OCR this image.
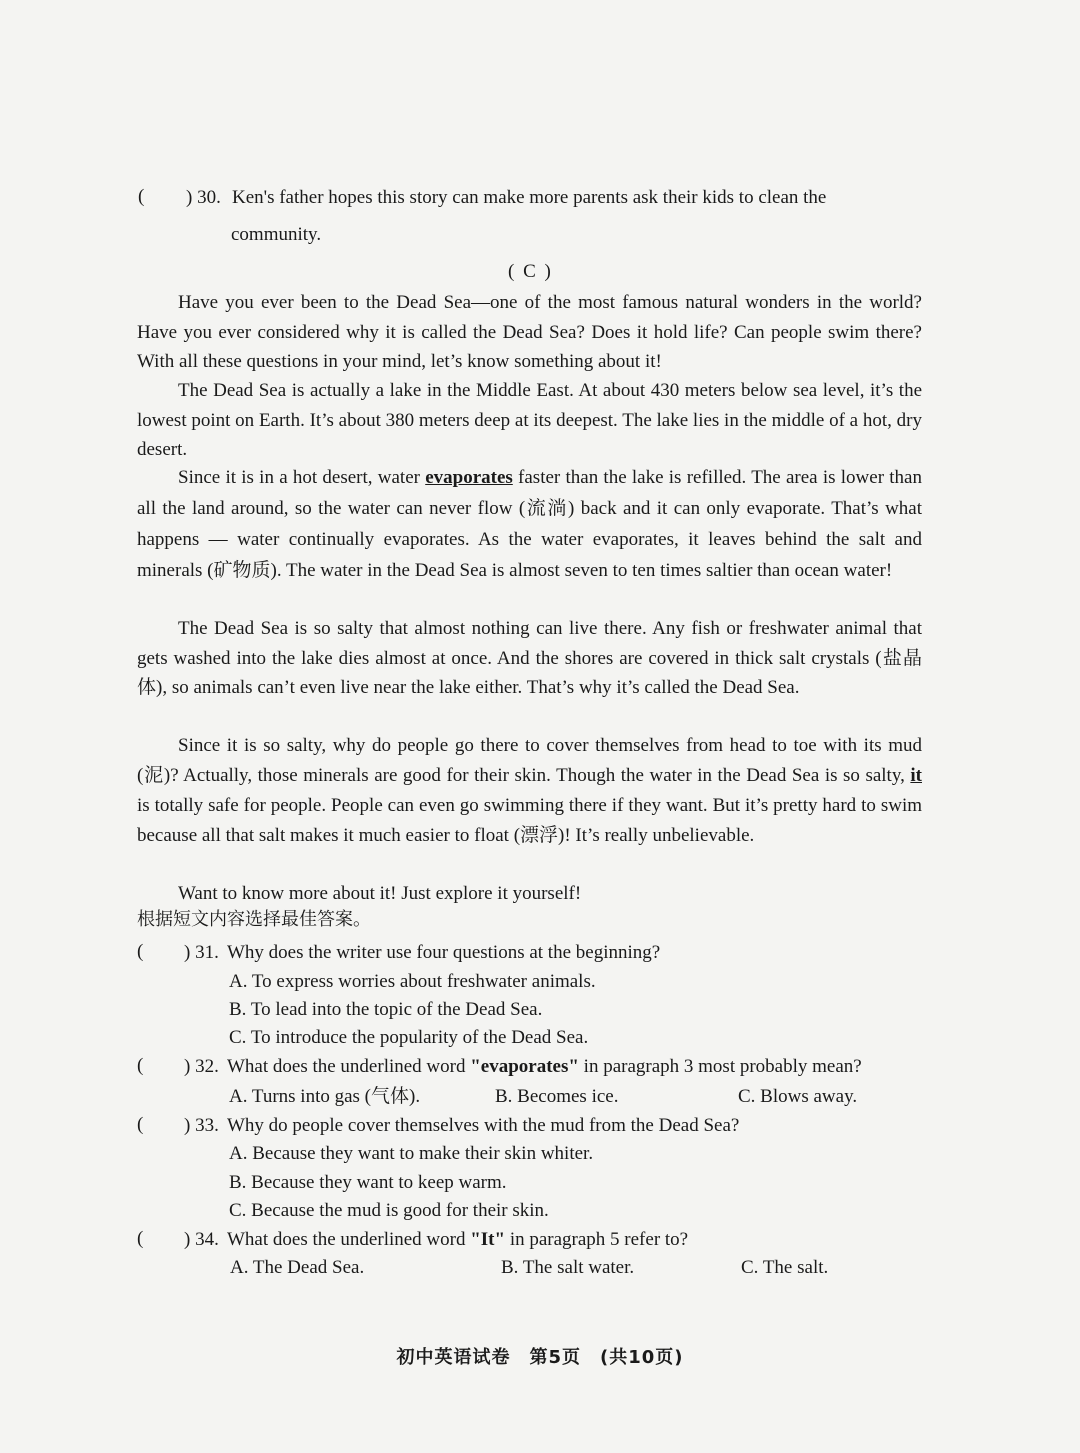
( ) 30. Ken's father hopes this story can make more parents ask their kids to clean the
community.
( C )

Have you ever been to the Dead Sea—one of the most famous natural wonders in the world? Have you ever considered why it is called the Dead Sea? Does it hold life? Can people swim there? With all these questions in your mind, let’s know something about it!

The Dead Sea is actually a lake in the Middle East. At about 430 meters below sea level, it’s the lowest point on Earth. It’s about 380 meters deep at its deepest. The lake lies in the middle of a hot, dry desert.

Since it is in a hot desert, water evaporates faster than the lake is refilled. The area is lower than all the land around, so the water can never flow (流淌) back and it can only evaporate. That’s what happens — water continually evaporates. As the water evaporates, it leaves behind the salt and minerals (矿物质). The water in the Dead Sea is almost seven to ten times saltier than ocean water!

The Dead Sea is so salty that almost nothing can live there. Any fish or freshwater animal that gets washed into the lake dies almost at once. And the shores are covered in thick salt crystals (盐晶体), so animals can’t even live near the lake either. That’s why it’s called the Dead Sea.

Since it is so salty, why do people go there to cover themselves from head to toe with its mud (泥)? Actually, those minerals are good for their skin. Though the water in the Dead Sea is so salty, it is totally safe for people. People can even go swimming there if they want. But it’s pretty hard to swim because all that salt makes it much easier to float (漂浮)! It’s really unbelievable.

Want to know more about it! Just explore it yourself!

根据短文内容选择最佳答案。
( ) 31. Why does the writer use four questions at the beginning?
A. To express worries about freshwater animals.
B. To lead into the topic of the Dead Sea.
C. To introduce the popularity of the Dead Sea.
( ) 32. What does the underlined word "evaporates" in paragraph 3 most probably mean?
A. Turns into gas (气体).	B. Becomes ice.	C. Blows away.
( ) 33. Why do people cover themselves with the mud from the Dead Sea?
A. Because they want to make their skin whiter.
B. Because they want to keep warm.
C. Because the mud is good for their skin.
( ) 34. What does the underlined word "It" in paragraph 5 refer to?
A. The Dead Sea.	B. The salt water.	C. The salt.
初中英语试卷　第5页　(共10页)
